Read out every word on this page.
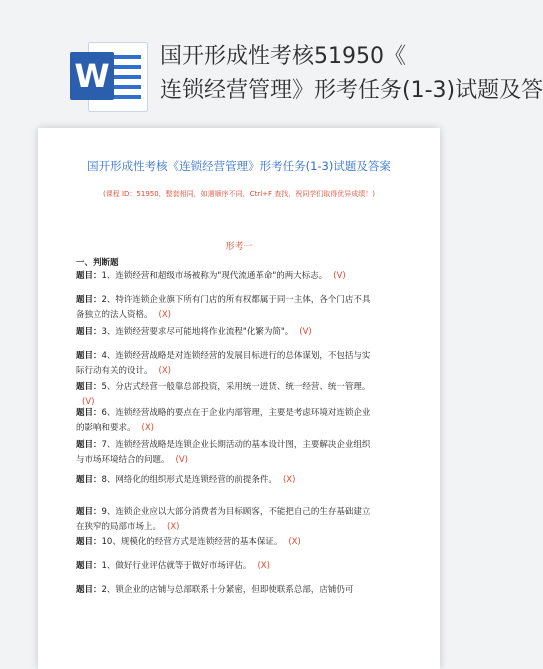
W
国开形成性考核51950《
连锁经营管理》形考任务(1-3)试题及答
国开形成性考核《连锁经营管理》形考任务(1-3)试题及答案
(课程 ID：51950，整套相同，如遇顺序不同，Ctrl+F 查找，祝同学们取得优异成绩！)
形考一
一、判断题
题目：1、连锁经营和超级市场被称为"现代流通革命"的两大标志。 (V)
题目：2、特许连锁企业旗下所有门店的所有权都属于同一主体，各个门店不具备独立的法人资格。 (X)
题目：3、连锁经营要求尽可能地将作业流程"化繁为简"。 (V)
题目：4、连锁经营战略是对连锁经营的发展目标进行的总体谋划，不包括与实际行动有关的设计。 (X)
题目：5、分店式经营一般靠总部投资，采用统一进货、统一经营、统一管理。(V)
题目：6、连锁经营战略的要点在于企业内部管理，主要是考虑环境对连锁企业的影响和要求。 (X)
题目：7、连锁经营战略是连锁企业长期活动的基本设计图，主要解决企业组织与市场环境结合的问题。 (V)
题目：8、网络化的组织形式是连锁经营的前提条件。 (X)
题目：9、连锁企业应以大部分消费者为目标顾客，不能把自己的生存基础建立在狭窄的局部市场上。 (X)
题目：10、规模化的经营方式是连锁经营的基本保证。 (X)
题目：1、做好行业评估就等于做好市场评估。 (X)
题目：2、锁企业的店铺与总部联系十分紧密，但即使联系总部，店铺仍可
